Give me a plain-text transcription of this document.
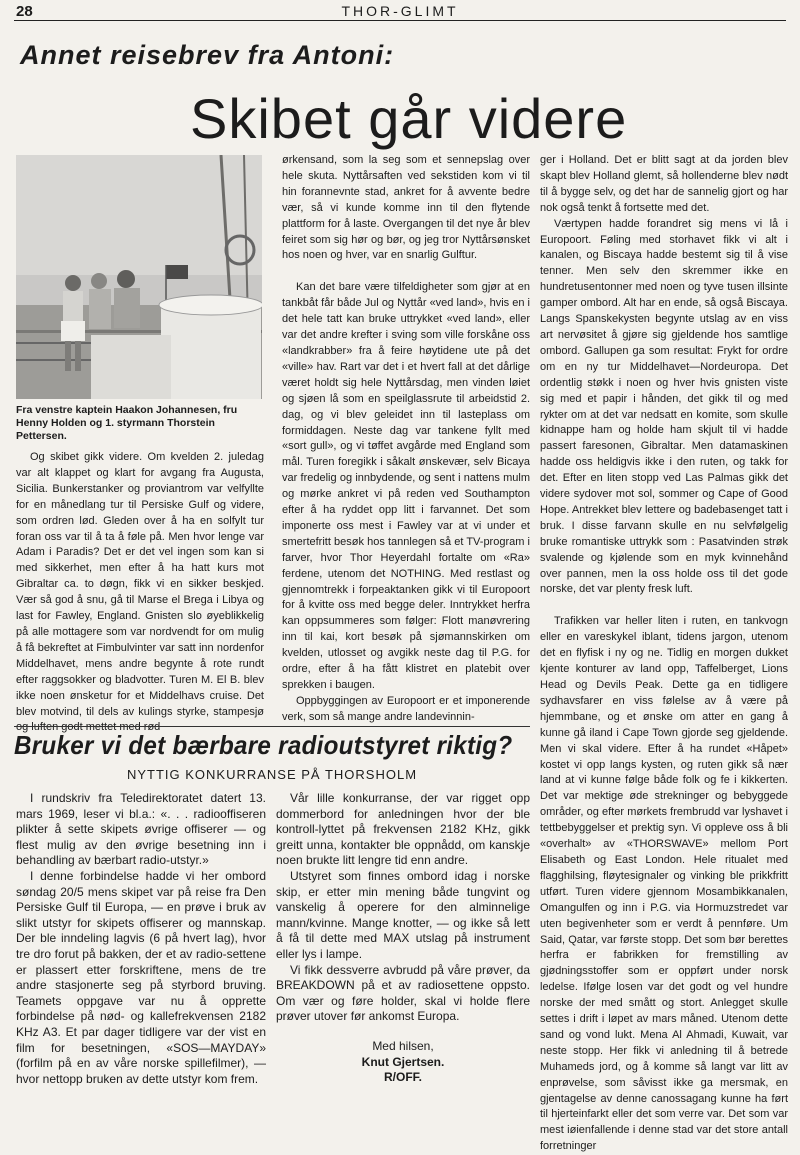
28	THOR-GLIMT
Annet reisebrev fra Antoni:
Skibet går videre
Fra venstre kaptein Haakon Johannesen, fru Henny Holden og 1. styrmann Thorstein Pettersen.

Og skibet gikk videre. Om kvelden 2. juledag var alt klappet og klart for avgang fra Augusta, Sicilia. Bunkerstanker og proviantrom var velfyllte for en månedlang tur til Persiske Gulf og videre, som ordren lød. Gleden over å ha en solfylt tur foran oss var til å ta å føle på. Men hvor lenge var Adam i Paradis? Det er det vel ingen som kan si med sikkerhet, men efter å ha hatt kurs mot Gibraltar ca. to døgn, fikk vi en sikker beskjed. Vær så god å snu, gå til Marse el Brega i Libya og last for Fawley, England. Gnisten slo øyeblikkelig på alle mottagere som var nordvendt for om mulig å få bekreftet at Fimbulvinter var satt inn nordenfor Middelhavet, mens andre begynte å rote rundt efter raggsokker og bladvotter. Turen M. El B. blev ikke noen ønsketur for et Middelhavs cruise. Det blev motvind, til dels av kulings styrke, stampesjø og luften godt mettet med rød

ørkensand, som la seg som et sennepslag over hele skuta. Nyttårsaften ved sekstiden kom vi til hin forannevnte stad, ankret for å avvente bedre vær, så vi kunde komme inn til den flytende plattform for å laste. Overgangen til det nye år blev feiret som sig hør og bør, og jeg tror Nyttårsønsket hos noen og hver, var en snarlig Gulftur.

Kan det bare være tilfeldigheter som gjør at en tankbåt får både Jul og Nyttår «ved land», hvis en i det hele tatt kan bruke uttrykket «ved land», eller var det andre krefter i sving som ville forskåne oss «landkrabber» fra å feire høytidene ute på det «ville» hav. Rart var det i et hvert fall at det dårlige været holdt sig hele Nyttårsdag, men vinden løiet og sjøen lå som en speilglassrute til arbeidstid 2. dag, og vi blev geleidet inn til lasteplass om formiddagen. Neste dag var tankene fyllt med «sort gull», og vi tøffet avgårde med England som mål. Turen foregikk i såkalt ønskevær, selv Bicaya var fredelig og innbydende, og sent i nattens mulm og mørke ankret vi på reden ved Southampton efter å ha ryddet opp litt i farvannet. Det som imponerte oss mest i Fawley var at vi under et smertefritt besøk hos tannlegen så et TV-program i farver, hvor Thor Heyerdahl fortalte om «Ra» ferdene, utenom det NOTHING. Med restlast og gjennomtrekk i forpeaktanken gikk vi til Europoort for å kvitte oss med begge deler. Inntrykket herfra kan oppsummeres som følger: Flott manøvrering inn til kai, kort besøk på sjømannskirken om kvelden, utlosset og avgikk neste dag til P.G. for ordre, efter å ha fått klistret en platebit over sprekken i baugen.

Oppbyggingen av Europoort er et imponerende verk, som så mange andre landevinnin-

ger i Holland. Det er blitt sagt at da jorden blev skapt blev Holland glemt, så hollenderne blev nødt til å bygge selv, og det har de sannelig gjort og har nok også tenkt å fortsette med det.

Værtypen hadde forandret sig mens vi lå i Europoort. Føling med storhavet fikk vi alt i kanalen, og Biscaya hadde bestemt sig til å vise tenner. Men selv den skremmer ikke en hundretusentonner med noen og tyve tusen illsinte gamper ombord. Alt har en ende, så også Biscaya. Langs Spanskekysten begynte utslag av en viss art nervøsitet å gjøre sig gjeldende hos samtlige ombord. Gallupen ga som resultat: Frykt for ordre om en ny tur Middelhavet—Nordeuropa. Det ordentlig støkk i noen og hver hvis gnisten viste sig med et papir i hånden, det gikk til og med rykter om at det var nedsatt en komite, som skulle kidnappe ham og holde ham skjult til vi hadde passert faresonen, Gibraltar. Men datamaskinen hadde oss heldigvis ikke i den ruten, og takk for det. Efter en liten stopp ved Las Palmas gikk det videre sydover mot sol, sommer og Cape of Good Hope. Antrekket blev lettere og badebasenget tatt i bruk. I disse farvann skulle en nu selvfølgelig bruke romantiske uttrykk som : Pasatvinden strøk svalende og kjølende som en myk kvinnehånd over pannen, men la oss holde oss til det gode norske, det var plenty fresk luft.

Trafikken var heller liten i ruten, en tankvogn eller en vareskykel iblant, tidens jargon, utenom det en flyfisk i ny og ne. Tidlig en morgen dukket kjente konturer av land opp, Taffelberget, Lions Head og Devils Peak. Dette ga en tidligere sydhavsfarer en viss følelse av å være på hjemmbane, og et ønske om atter en gang å kunne gå iland i Cape Town gjorde seg gjeldende. Men vi skal videre. Efter å ha rundet «Håpet» kostet vi opp langs kysten, og ruten gikk så nær land at vi kunne følge både folk og fe i kikkerten. Det var mektige øde strekninger og bebyggede områder, og efter mørkets frembrudd var lyshavet i tettbebyggelser et prektig syn. Vi oppleve oss å bli «overhalt» av «THORSWAVE» mellom Port Elisabeth og East London. Hele ritualet med flagghilsing, fløytesignaler og vinking ble prikkfritt utført. Turen videre gjennom Mosambikkanalen, Omangulfen og inn i P.G. via Hormuzstredet var uten begivenheter som er verdt å pennføre. Um Said, Qatar, var første stopp. Det som bør berettes herfra er fabrikken for fremstilling av gjødningsstoffer som er oppført under norsk ledelse. Ifølge losen var det godt og vel hundre norske der med smått og stort. Anlegget skulle settes i drift i løpet av mars måned. Utenom dette sand og vond lukt. Mena Al Ahmadi, Kuwait, var neste stopp. Her fikk vi anledning til å betrede Muhameds jord, og å komme så langt var litt av enprøvelse, som såvisst ikke ga mersmak, en gjentagelse av denne canossagang kunne ha ført til hjerteinfarkt eller det som verre var. Det som var mest iøienfallende i denne stad var det store antall forretninger

Bruker vi det bærbare radioutstyret riktig?
NYTTIG KONKURRANSE PÅ THORSHOLM

I rundskriv fra Teledirektoratet datert 13. mars 1969, leser vi bl.a.: «. . . radiooffiseren plikter å sette skipets øvrige offiserer — og flest mulig av den øvrige besetning inn i behandling av bærbart radio-utstyr.»

I denne forbindelse hadde vi her ombord søndag 20/5 mens skipet var på reise fra Den Persiske Gulf til Europa, — en prøve i bruk av slikt utstyr for skipets offiserer og mannskap. Der ble inndeling lagvis (6 på hvert lag), hvor tre dro forut på bakken, der et av radio-settene er plassert etter forskriftene, mens de tre andre stasjonerte seg på styrbord bruving. Teamets oppgave var nu å opprette forbindelse på nød- og kallefrekvensen 2182 KHz A3. Et par dager tidligere var der vist en film for besetningen, «SOS—MAYDAY» (forfilm på en av våre norske spillefilmer), — hvor nettopp bruken av dette utstyr kom frem.

Vår lille konkurranse, der var rigget opp dommerbord for anledningen hvor der ble kontroll-lyttet på frekvensen 2182 KHz, gikk greitt unna, kontakter ble oppnådd, om kanskje noen brukte litt lengre tid enn andre.

Utstyret som finnes ombord idag i norske skip, er etter min mening både tungvint og vanskelig å operere for den alminnelige mann/kvinne. Mange knotter, — og ikke så lett å få til dette med MAX utslag på instrument eller lys i lampe.

Vi fikk dessverre avbrudd på våre prøver, da BREAKDOWN på et av radiosettene oppsto. Om vær og føre holder, skal vi holde flere prøver utover før ankomst Europa.

Med hilsen,
Knut Gjertsen.
R/OFF.
